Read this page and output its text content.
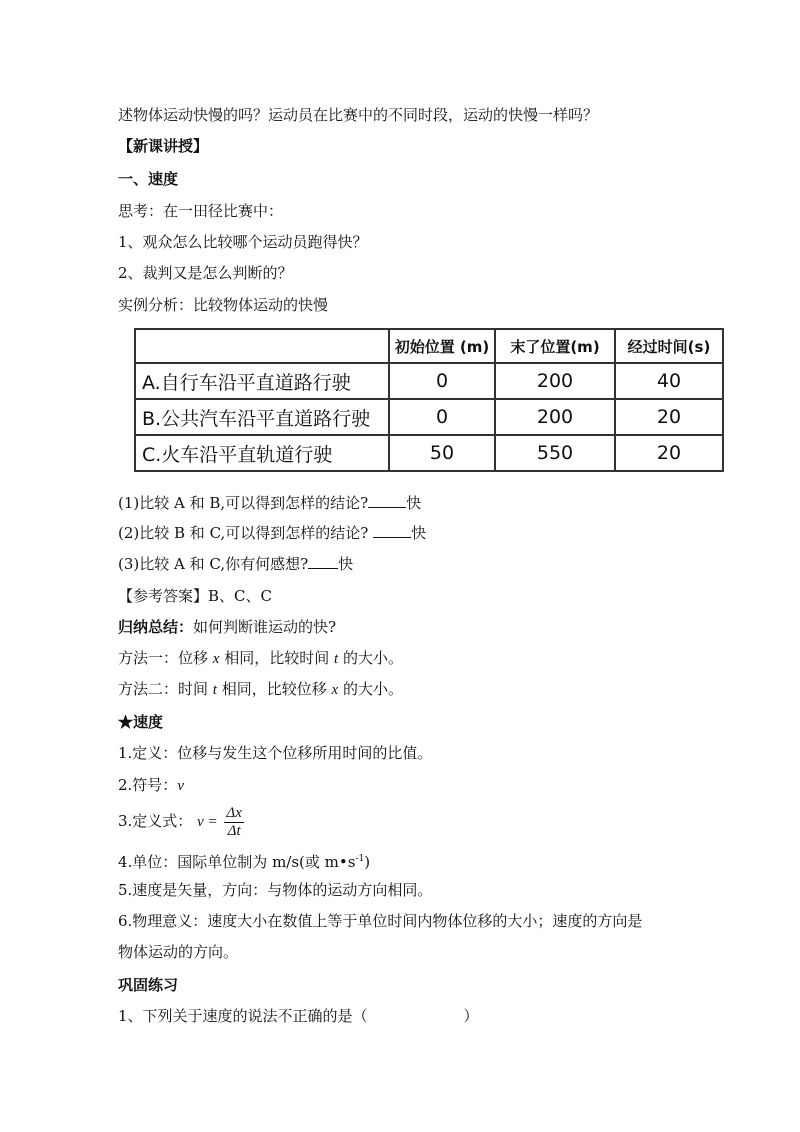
述物体运动快慢的吗？运动员在比赛中的不同时段，运动的快慢一样吗？
【新课讲授】
一、速度
思考：在一田径比赛中：
1、观众怎么比较哪个运动员跑得快？
2、裁判又是怎么判断的？
实例分析：比较物体运动的快慢
	初始位置 (m)	末了位置(m)	经过时间(s)
A.自行车沿平直道路行驶	0	200	40
B.公共汽车沿平直道路行驶	0	200	20
C.火车沿平直轨道行驶	50	550	20
(1)比较 A 和 B,可以得到怎样的结论?	快
(2)比较 B 和 C,可以得到怎样的结论?	快
(3)比较 A 和 C,你有何感想? 快
【参考答案】B、C、C
归纳总结：如何判断谁运动的快?
方法一：位移 x 相同，比较时间 t 的大小。
方法二：时间 t 相同，比较位移 x 的大小。
★速度
1.定义：位移与发生这个位移所用时间的比值。
2.符号：v
3.定义式： $v = \frac{\Delta x}{\Delta t}$
4.单位：国际单位制为 m/s(或 $m•s^{-1}$)
5.速度是矢量，方向：与物体的运动方向相同。
6.物理意义：速度大小在数值上等于单位时间内物体位移的大小；速度的方向是
物体运动的方向。
巩固练习
1、下列关于速度的说法不正确的是（	）
